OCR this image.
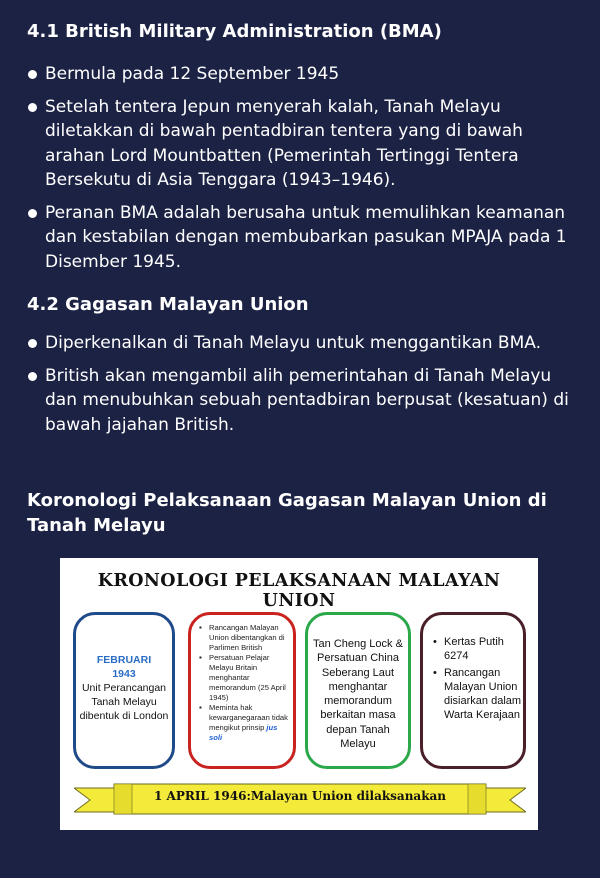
4.1 British Military Administration (BMA)
Bermula pada 12 September 1945
Setelah tentera Jepun menyerah kalah, Tanah Melayu diletakkan di bawah pentadbiran tentera yang di bawah arahan Lord Mountbatten (Pemerintah Tertinggi Tentera Bersekutu di Asia Tenggara (1943–1946).
Peranan BMA adalah berusaha untuk memulihkan keamanan dan kestabilan dengan membubarkan pasukan MPAJA pada 1 Disember 1945.
4.2 Gagasan Malayan Union
Diperkenalkan di Tanah Melayu untuk menggantikan BMA.
British akan mengambil alih pemerintahan di Tanah Melayu dan menubuhkan sebuah pentadbiran berpusat (kesatuan) di bawah jajahan British.
Koronologi Pelaksanaan Gagasan Malayan Union di Tanah Melayu
KRONOLOGI PELAKSANAAN MALAYAN UNION
FEBRUARI
1943
Unit Perancangan Tanah Melayu dibentuk di London
▪ Rancangan Malayan Union dibentangkan di Parlimen British
▪ Persatuan Pelajar Melayu Britain menghantar memorandum (25 April 1945)
▪ Meminta hak kewarganegaraan tidak mengikut prinsip jus soli
Tan Cheng Lock & Persatuan China Seberang Laut menghantar memorandum berkaitan masa depan Tanah Melayu
• Kertas Putih 6274
• Rancangan Malayan Union disiarkan dalam Warta Kerajaan
1 APRIL 1946:Malayan Union dilaksanakan
